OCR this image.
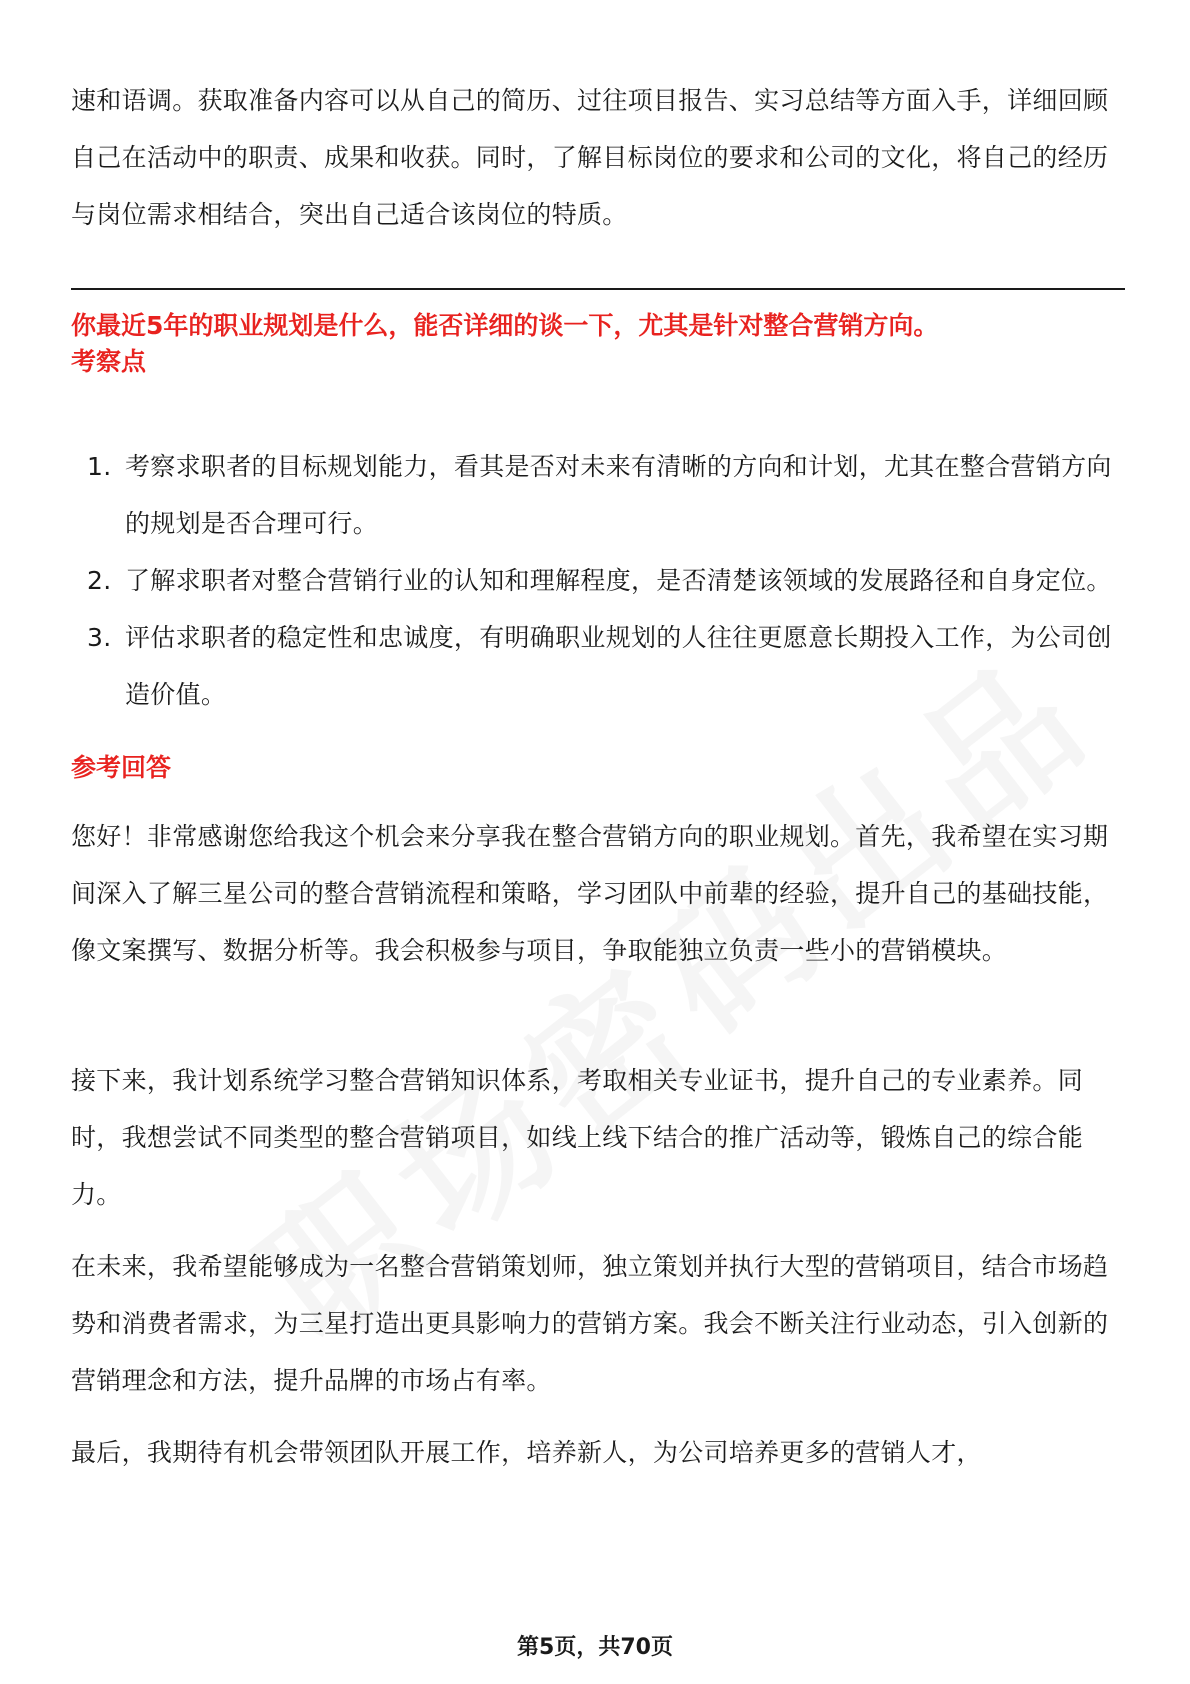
速和语调。获取准备内容可以从自己的简历、过往项目报告、实习总结等方面入手，详细回顾自己在活动中的职责、成果和收获。同时，了解目标岗位的要求和公司的文化，将自己的经历与岗位需求相结合，突出自己适合该岗位的特质。

你最近5年的职业规划是什么，能否详细的谈一下，尤其是针对整合营销方向。

考察点

1. 考察求职者的目标规划能力，看其是否对未来有清晰的方向和计划，尤其在整合营销方向的规划是否合理可行。
2. 了解求职者对整合营销行业的认知和理解程度，是否清楚该领域的发展路径和自身定位。
3. 评估求职者的稳定性和忠诚度，有明确职业规划的人往往更愿意长期投入工作，为公司创造价值。

参考回答

您好！非常感谢您给我这个机会来分享我在整合营销方向的职业规划。首先，我希望在实习期间深入了解三星公司的整合营销流程和策略，学习团队中前辈的经验，提升自己的基础技能，像文案撰写、数据分析等。我会积极参与项目，争取能独立负责一些小的营销模块。

接下来，我计划系统学习整合营销知识体系，考取相关专业证书，提升自己的专业素养。同时，我想尝试不同类型的整合营销项目，如线上线下结合的推广活动等，锻炼自己的综合能力。

在未来，我希望能够成为一名整合营销策划师，独立策划并执行大型的营销项目，结合市场趋势和消费者需求，为三星打造出更具影响力的营销方案。我会不断关注行业动态，引入创新的营销理念和方法，提升品牌的市场占有率。

最后，我期待有机会带领团队开展工作，培养新人，为公司培养更多的营销人才，

第5页，共70页
